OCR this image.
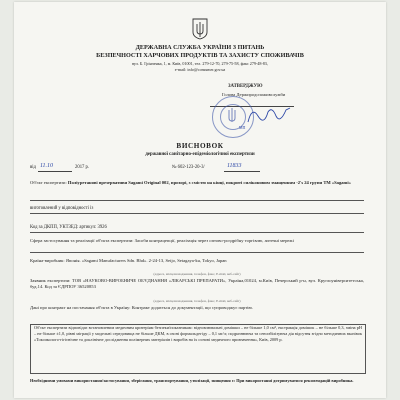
ДЕРЖАВНА СЛУЖБА УКРАЇНИ З ПИТАНЬ
БЕЗПЕЧНОСТІ ХАРЧОВИХ ПРОДУКТІВ ТА ЗАХИСТУ СПОЖИВАЧІВ
вул. Б. Грінченка, 1, м. Київ, 01001, тел. 279-12-70, 279-75-58, факс 279-48-83,
e-mail: info@consumer.gov.ua
ЗАТВЕРДЖУЮ
Голова Держпродспоживслужби
МП
ВИСНОВОК
державної санітарно-епідеміологічної експертизи
від 11.10	2017 р.	№ 602-123-20-3/	11833
Об'єкт експертизи: Поліуретанові презервативи Sagami Original 002, прозорі, з смістю на кінці, покриті силіконовим змащенням -2's 24 групи ТМ «Sagami»
виготовлений у відповідності із
Код за ДКПП, УКТЗЕД: артикул: 3926
Сфера застосування та реалізації об'єкта експертизи: Засоби контрацепції, реалізація через оптово-роздрібну торгівлю, аптечні мережі
Країна-виробник: Японія. «Sagami Manufacturers Sdn. Bhd». 2-24-13, Seijo, Setagaya-ku, Tokyo, Japan
(адреса, місцезнаходження, телефон, факс, E-mail, веб-сайт)
Заявник експертизи: ТОВ «НАУКОВО-ВИРОБНИЧЕ ОБ'ЄДНАННЯ «ЛІКАРСЬКІ ПРЕПАРАТИ», Україна,01024, м.Київ, Печерський р-н, вул. Круглоуніверситетська, буд.14. Код за ЄДРПОУ 36520853
(адреса, місцезнаходження, телефон, факс, E-mail, веб-сайт)
Дані про контракт на постачання об'єкта в Україну: Контракт додається до документації, що супроводжує партію.
Об'єкт експертизи відповідає встановленим медичним критеріям безпеки/показникам: відновлювальні домішки – не більше 1,0 см³, екстракція домішок – не більше 0,3, зміна pH – не більше ±1,0, рівні міграції у модельні середовища не більше ДКМ, в озоні формальдегіду – 0,1 мг/л; подразнююча та сенсибілізуюча дія відсутня згідно методичних вказівок «Токсиколого-гігієнічне та доклінічне дослідження полімерних матеріалів і виробів на їх основі медичного призначення», Київ, 2009 р.
Необхідними умовами використання/застосування, зберігання, транспортування, утилізації, знищення є: При використанні дотримуватися рекомендацій виробника.
